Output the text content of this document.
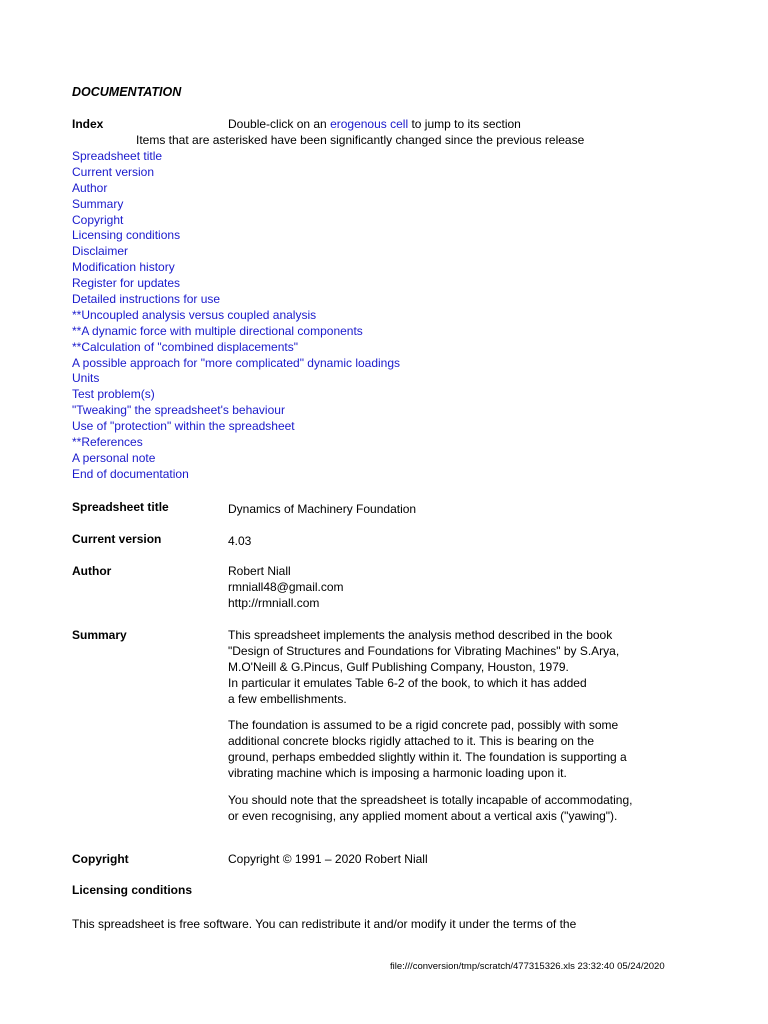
DOCUMENTATION
Index	Double-click on an erogenous cell to jump to its section
Items that are asterisked have been significantly changed since the previous release
Spreadsheet title
Current version
Author
Summary
Copyright
Licensing conditions
Disclaimer
Modification history
Register for updates
Detailed instructions for use
**Uncoupled analysis versus coupled analysis
**A dynamic force with multiple directional components
**Calculation of "combined displacements"
A possible approach for "more complicated" dynamic loadings
Units
Test problem(s)
"Tweaking" the spreadsheet's behaviour
Use of "protection" within the spreadsheet
**References
A personal note
End of documentation
Spreadsheet title	Dynamics of Machinery Foundation
Current version	4.03
Author	Robert Niall
rmniall48@gmail.com
http://rmniall.com
Summary	This spreadsheet implements the analysis method described in the book
"Design of Structures and Foundations for Vibrating Machines" by S.Arya,
M.O'Neill & G.Pincus, Gulf Publishing Company, Houston, 1979.
In particular it emulates Table 6-2 of the book, to which it has added
a few embellishments.
The foundation is assumed to be a rigid concrete pad, possibly with some
additional concrete blocks rigidly attached to it. This is bearing on the
ground, perhaps embedded slightly within it. The foundation is supporting a
vibrating machine which is imposing a harmonic loading upon it.
You should note that the spreadsheet is totally incapable of accommodating,
or even recognising, any applied moment about a vertical axis ("yawing").
Copyright	Copyright © 1991 – 2020 Robert Niall
Licensing conditions
This spreadsheet is free software. You can redistribute it and/or modify it under the terms of the
file:///conversion/tmp/scratch/477315326.xls 23:32:40 05/24/2020
